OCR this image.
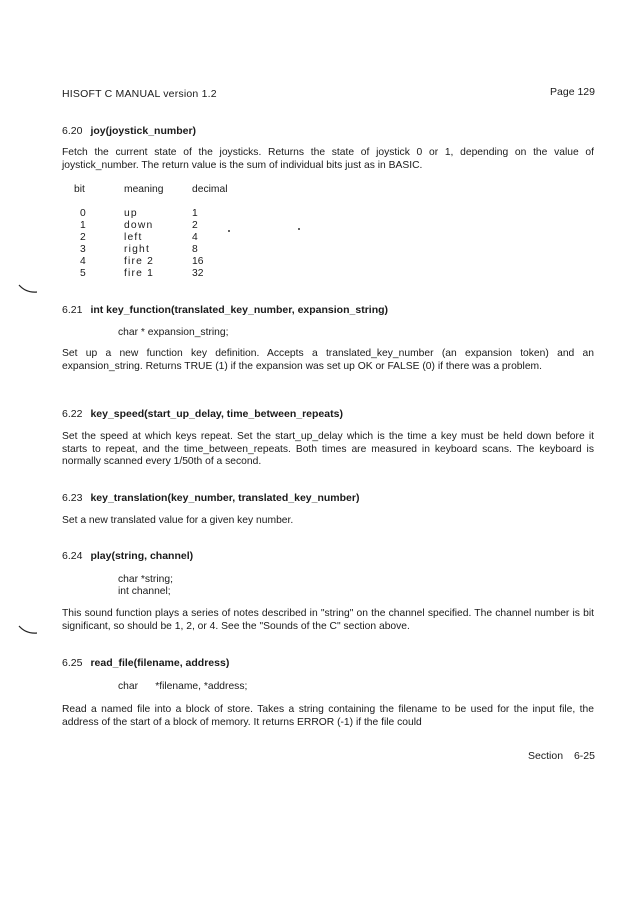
HISOFT C MANUAL version 1.2	Page 129
6.20 joy(joystick_number)
Fetch the current state of the joysticks. Returns the state of joystick 0 or 1, depending on the value of joystick_number. The return value is the sum of individual bits just as in BASIC.
bit	meaning	decimal
0	up	1
1	down	2
2	left	4
3	right	8
4	fire 2	16
5	fire 1	32
6.21 int key_function(translated_key_number, expansion_string)
char * expansion_string;
Set up a new function key definition. Accepts a translated_key_number (an expansion token) and an expansion_string. Returns TRUE (1) if the expansion was set up OK or FALSE (0) if there was a problem.
6.22 key_speed(start_up_delay, time_between_repeats)
Set the speed at which keys repeat. Set the start_up_delay which is the time a key must be held down before it starts to repeat, and the time_between_repeats. Both times are measured in keyboard scans. The keyboard is normally scanned every 1/50th of a second.
6.23 key_translation(key_number, translated_key_number)
Set a new translated value for a given key number.
6.24 play(string, channel)
char *string;
int channel;
This sound function plays a series of notes described in "string" on the channel specified. The channel number is bit significant, so should be 1, 2, or 4. See the "Sounds of the C" section above.
6.25 read_file(filename, address)
char      *filename, *address;
Read a named file into a block of store. Takes a string containing the filename to be used for the input file, the address of the start of a block of memory. It returns ERROR (-1) if the file could
Section 6-25
